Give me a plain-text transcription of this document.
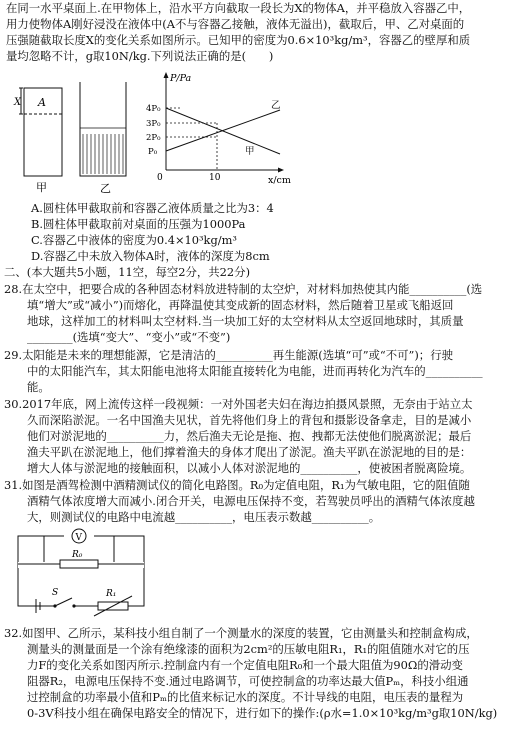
在同一水平桌面上.在甲物体上，沿水平方向截取一段长为X的物体A，并平稳放入容器乙中，
用力使物体A刚好浸没在液体中(A不与容器乙接触，液体无溢出)，截取后，甲、乙对桌面的
压强随截取长度X的变化关系如图所示。已知甲的密度为0.6×10³kg/m³，容器乙的壁厚和质
量均忽略不计，g取10N/kg.下列说法正确的是(　　)
X A
甲	乙
P/Pa
x/cm
0	10
4P₀
3P₀
2P₀
P₀
乙
甲
A.圆柱体甲截取前和容器乙液体质量之比为3：4
B.圆柱体甲截取前对桌面的压强为1000Pa
C.容器乙中液体的密度为0.4×10³kg/m³
D.容器乙中未放入物体A时，液体的深度为8cm
二、(本大题共5小题，11空，每空2分，共22分)
28.在太空中，把要合成的各种固态材料放进特制的太空炉，对材料加热使其内能__________(选
填“增大”或“减小”)而熔化，再降温使其变成新的固态材料，然后随着卫星或飞船返回
地球，这样加工的材料叫太空材料.当一块加工好的太空材料从太空返回地球时，其质量
________(选填“变大”、“变小”或“不变”)
29.太阳能是未来的理想能源，它是清洁的__________再生能源(选填“可”或“不可”)；行驶
中的太阳能汽车，其太阳能电池将太阳能直接转化为电能，进而再转化为汽车的__________
能。
30.2017年底，网上流传这样一段视频：一对外国老夫妇在海边拍摄风景照，无奈由于站立太
久而深陷淤泥。一名中国渔夫见状，首先将他们身上的背包和摄影设备拿走，目的是减小
他们对淤泥地的__________力，然后渔夫无论是拖、抱、拽都无法使他们脱离淤泥；最后
渔夫平趴在淤泥地上，他们撑着渔夫的身体才爬出了淤泥。渔夫平趴在淤泥地的目的是：
增大人体与淤泥地的接触面积，以减小人体对淤泥地的__________，使被困者脱离险境。
31.如图是酒驾检测中酒精测试仪的简化电路图。R₀为定值电阻，R₁为气敏电阻，它的阻值随
酒精气体浓度增大而减小.闭合开关，电源电压保持不变，若驾驶员呼出的酒精气体浓度越
大，则测试仪的电路中电流越__________，电压表示数越__________。
V
R₀
S	R₁
32.如图甲、乙所示，某科技小组自制了一个测量水的深度的装置，它由测量头和控制盒构成，
测量头的测量面是一个涂有绝缘漆的面积为2cm²的压敏电阻R₁，R₁的阻值随水对它的压
力F的变化关系如图丙所示.控制盒内有一个定值电阻R₀和一个最大阻值为90Ω的滑动变
阻器R₂，电源电压保持不变.通过电路调节，可使控制盒的功率达最大值Pₘ，科技小组通
过控制盒的功率最小值和Pₘ的比值来标记水的深度。不计导线的电阻，电压表的量程为
0-3V科技小组在确保电路安全的情况下，进行如下的操作:(ρ水=1.0×10³kg/m³g取10N/kg)
